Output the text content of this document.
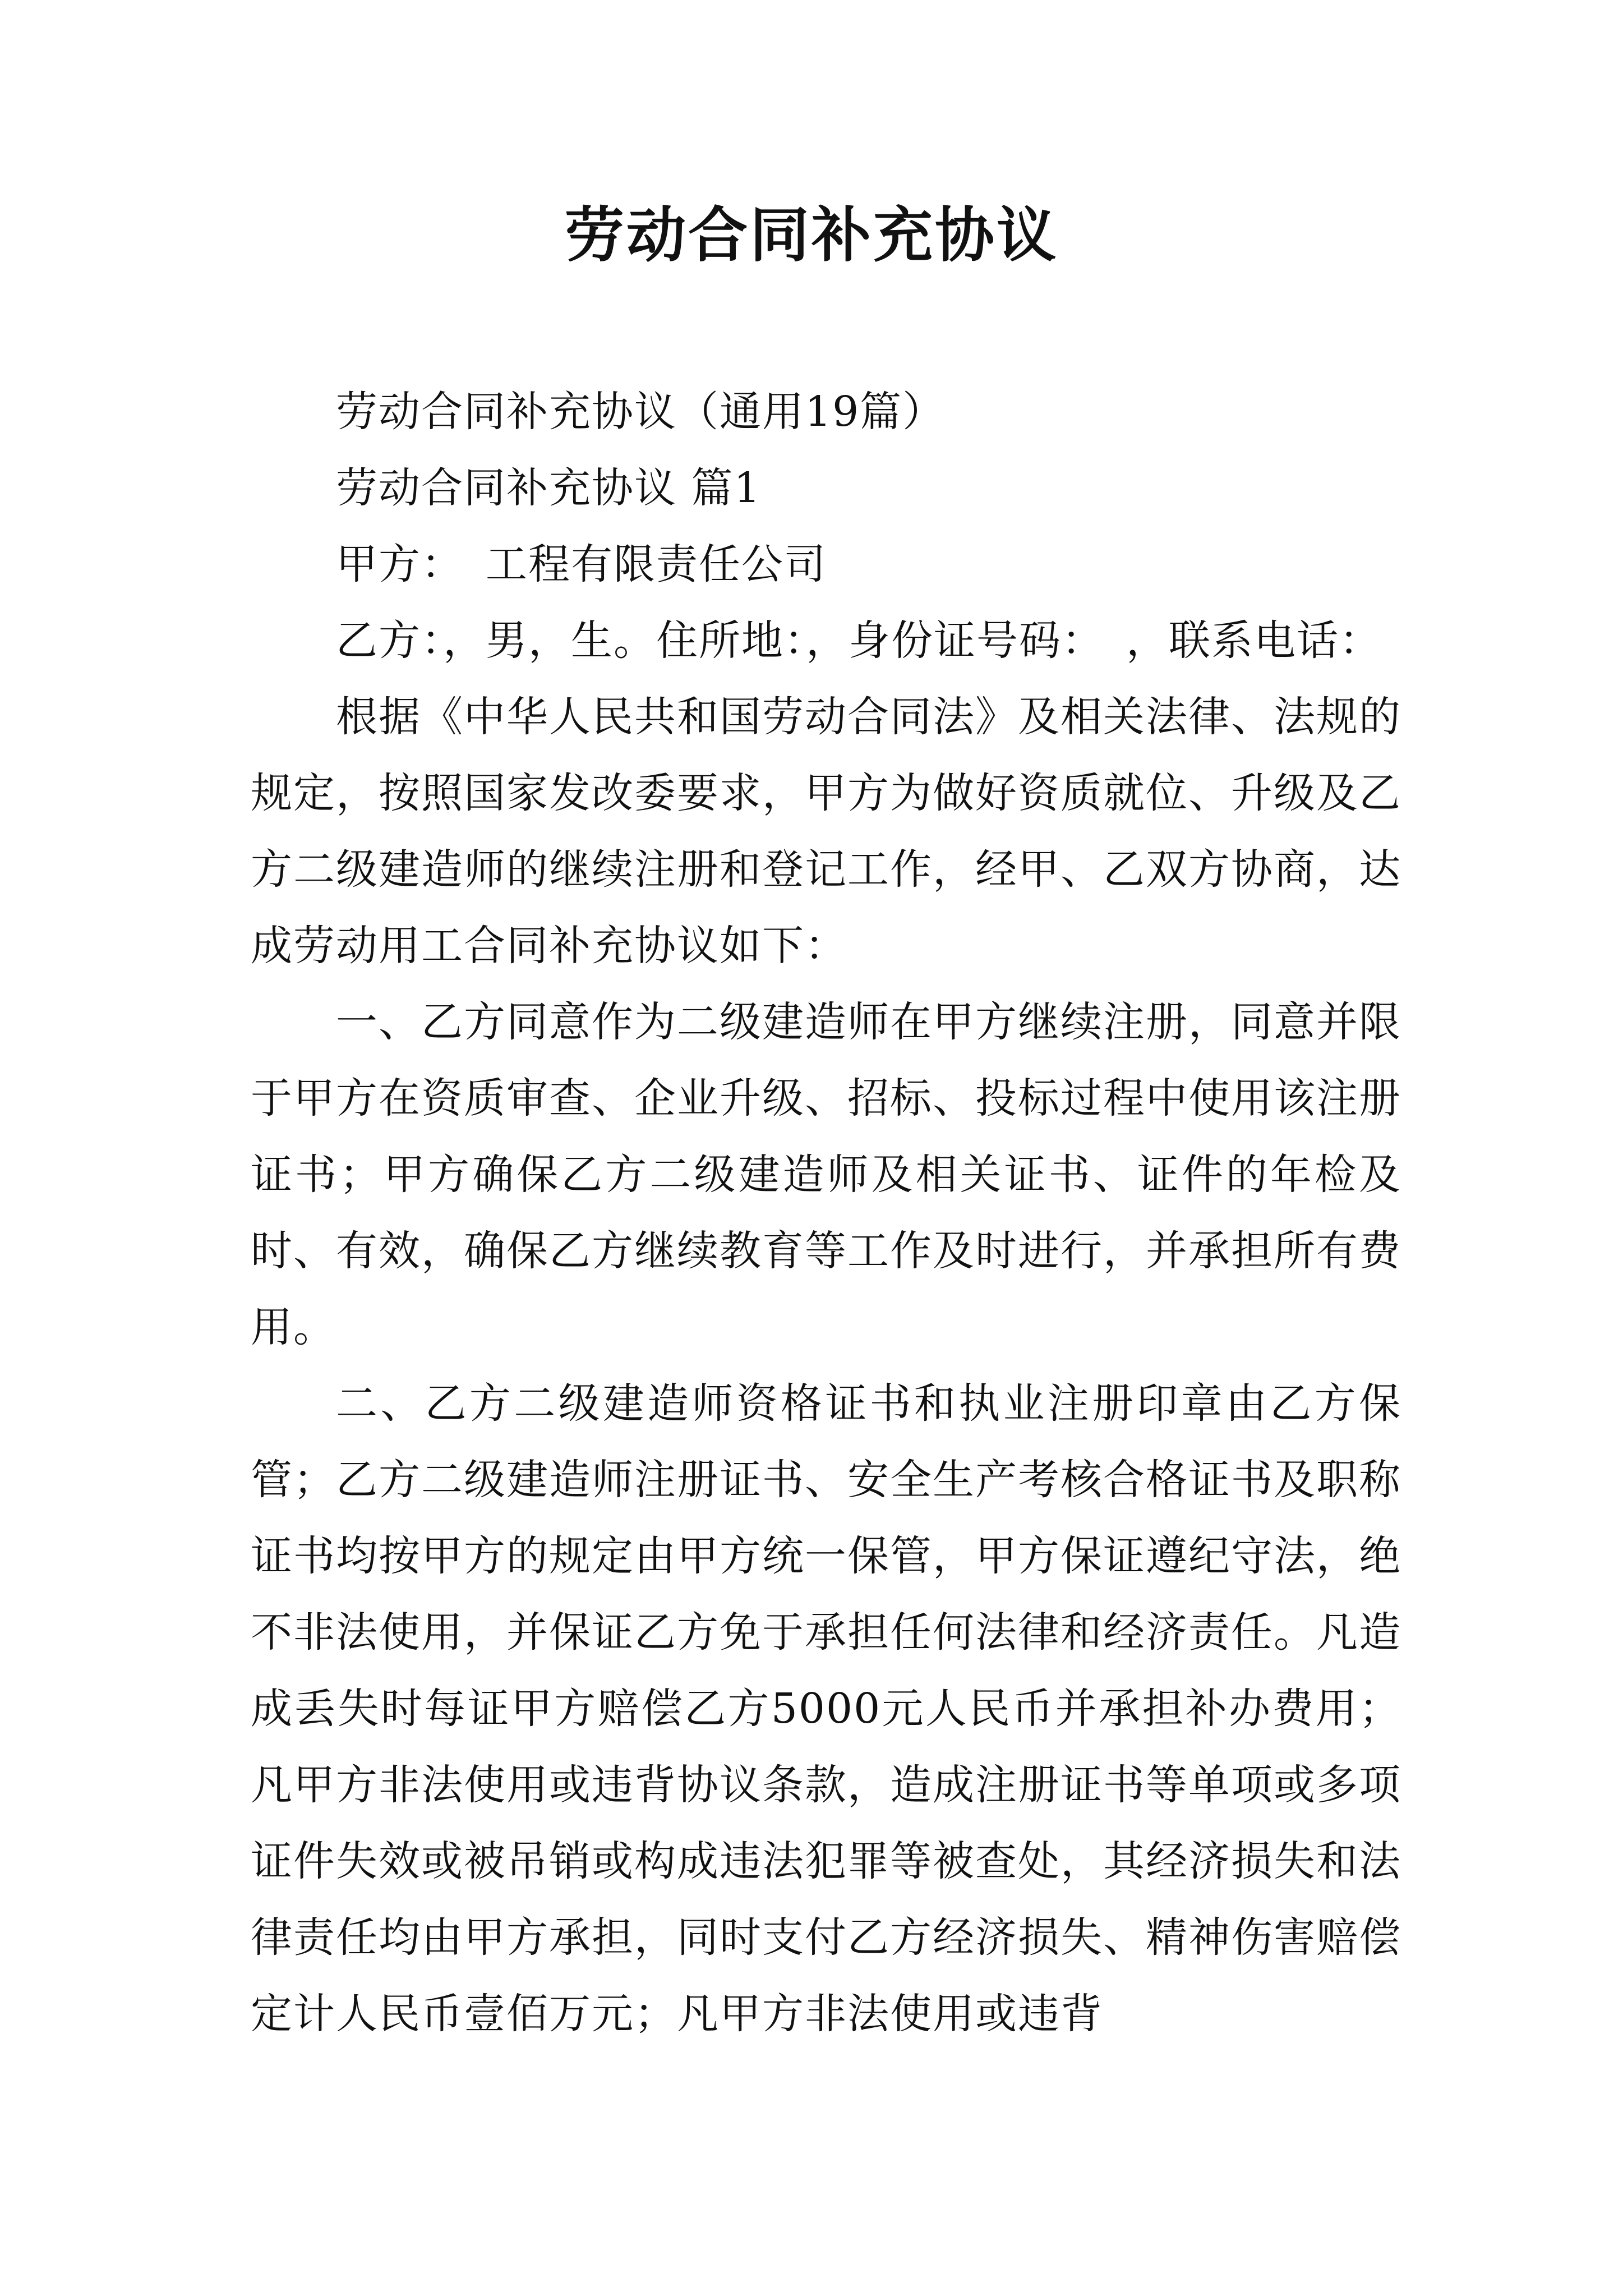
劳动合同补充协议

劳动合同补充协议（通用19篇）

劳动合同补充协议 篇1

甲方：　工程有限责任公司

乙方：，男，生。住所地：，身份证号码：　，联系电话：

根据《中华人民共和国劳动合同法》及相关法律、法规的规定，按照国家发改委要求，甲方为做好资质就位、升级及乙方二级建造师的继续注册和登记工作，经甲、乙双方协商，达成劳动用工合同补充协议如下：

一、乙方同意作为二级建造师在甲方继续注册，同意并限于甲方在资质审查、企业升级、招标、投标过程中使用该注册证书；甲方确保乙方二级建造师及相关证书、证件的年检及时、有效，确保乙方继续教育等工作及时进行，并承担所有费用。

二、乙方二级建造师资格证书和执业注册印章由乙方保管；乙方二级建造师注册证书、安全生产考核合格证书及职称证书均按甲方的规定由甲方统一保管，甲方保证遵纪守法，绝不非法使用，并保证乙方免于承担任何法律和经济责任。凡造成丢失时每证甲方赔偿乙方5000元人民币并承担补办费用；凡甲方非法使用或违背协议条款，造成注册证书等单项或多项证件失效或被吊销或构成违法犯罪等被查处，其经济损失和法律责任均由甲方承担，同时支付乙方经济损失、精神伤害赔偿定计人民币壹佰万元；凡甲方非法使用或违背
